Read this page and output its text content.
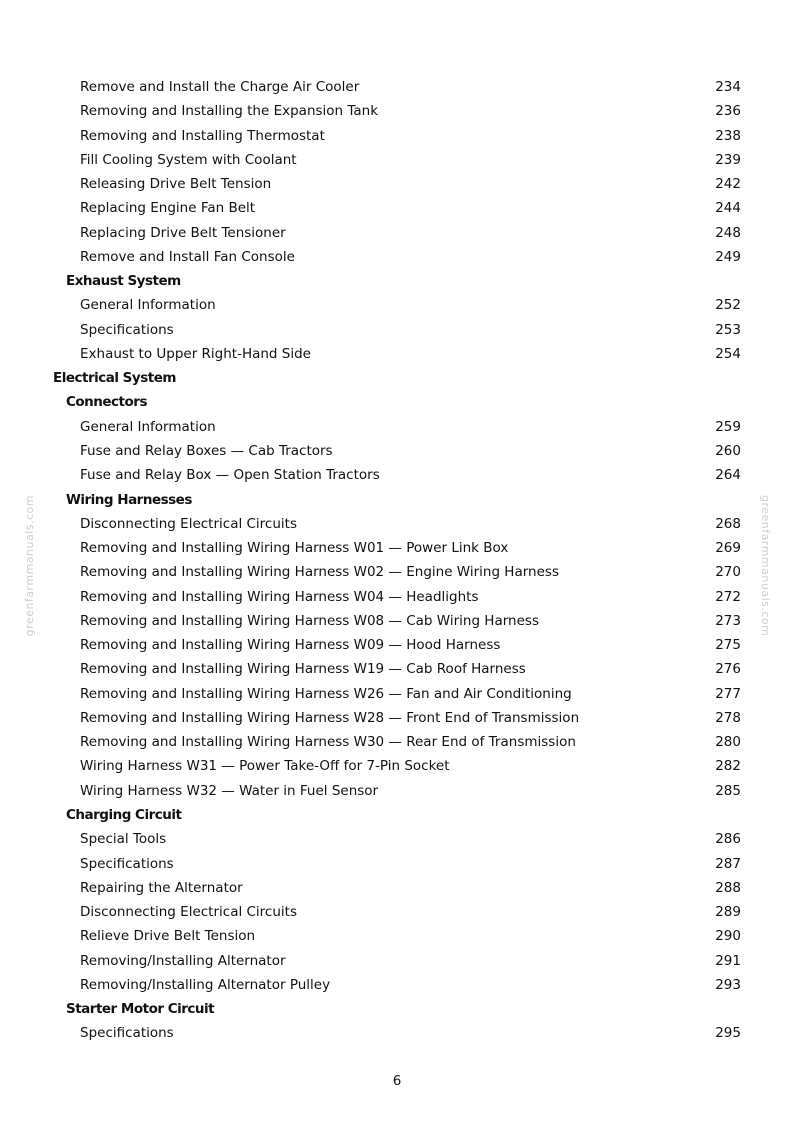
Remove and Install the Charge Air Cooler	234
Removing and Installing the Expansion Tank	236
Removing and Installing Thermostat	238
Fill Cooling System with Coolant	239
Releasing Drive Belt Tension	242
Replacing Engine Fan Belt	244
Replacing Drive Belt Tensioner	248
Remove and Install Fan Console	249
Exhaust System
General Information	252
Specifications	253
Exhaust to Upper Right-Hand Side	254
Electrical System
Connectors
General Information	259
Fuse and Relay Boxes — Cab Tractors	260
Fuse and Relay Box — Open Station Tractors	264
Wiring Harnesses
Disconnecting Electrical Circuits	268
Removing and Installing Wiring Harness W01 — Power Link Box	269
Removing and Installing Wiring Harness W02 — Engine Wiring Harness	270
Removing and Installing Wiring Harness W04 — Headlights	272
Removing and Installing Wiring Harness W08 — Cab Wiring Harness	273
Removing and Installing Wiring Harness W09 — Hood Harness	275
Removing and Installing Wiring Harness W19 — Cab Roof Harness	276
Removing and Installing Wiring Harness W26 — Fan and Air Conditioning	277
Removing and Installing Wiring Harness W28 — Front End of Transmission	278
Removing and Installing Wiring Harness W30 — Rear End of Transmission	280
Wiring Harness W31 — Power Take-Off for 7-Pin Socket	282
Wiring Harness W32 — Water in Fuel Sensor	285
Charging Circuit
Special Tools	286
Specifications	287
Repairing the Alternator	288
Disconnecting Electrical Circuits	289
Relieve Drive Belt Tension	290
Removing/Installing Alternator	291
Removing/Installing Alternator Pulley	293
Starter Motor Circuit
Specifications	295
greenfarmmanuals.com	greenfarmmanuals.com
6
